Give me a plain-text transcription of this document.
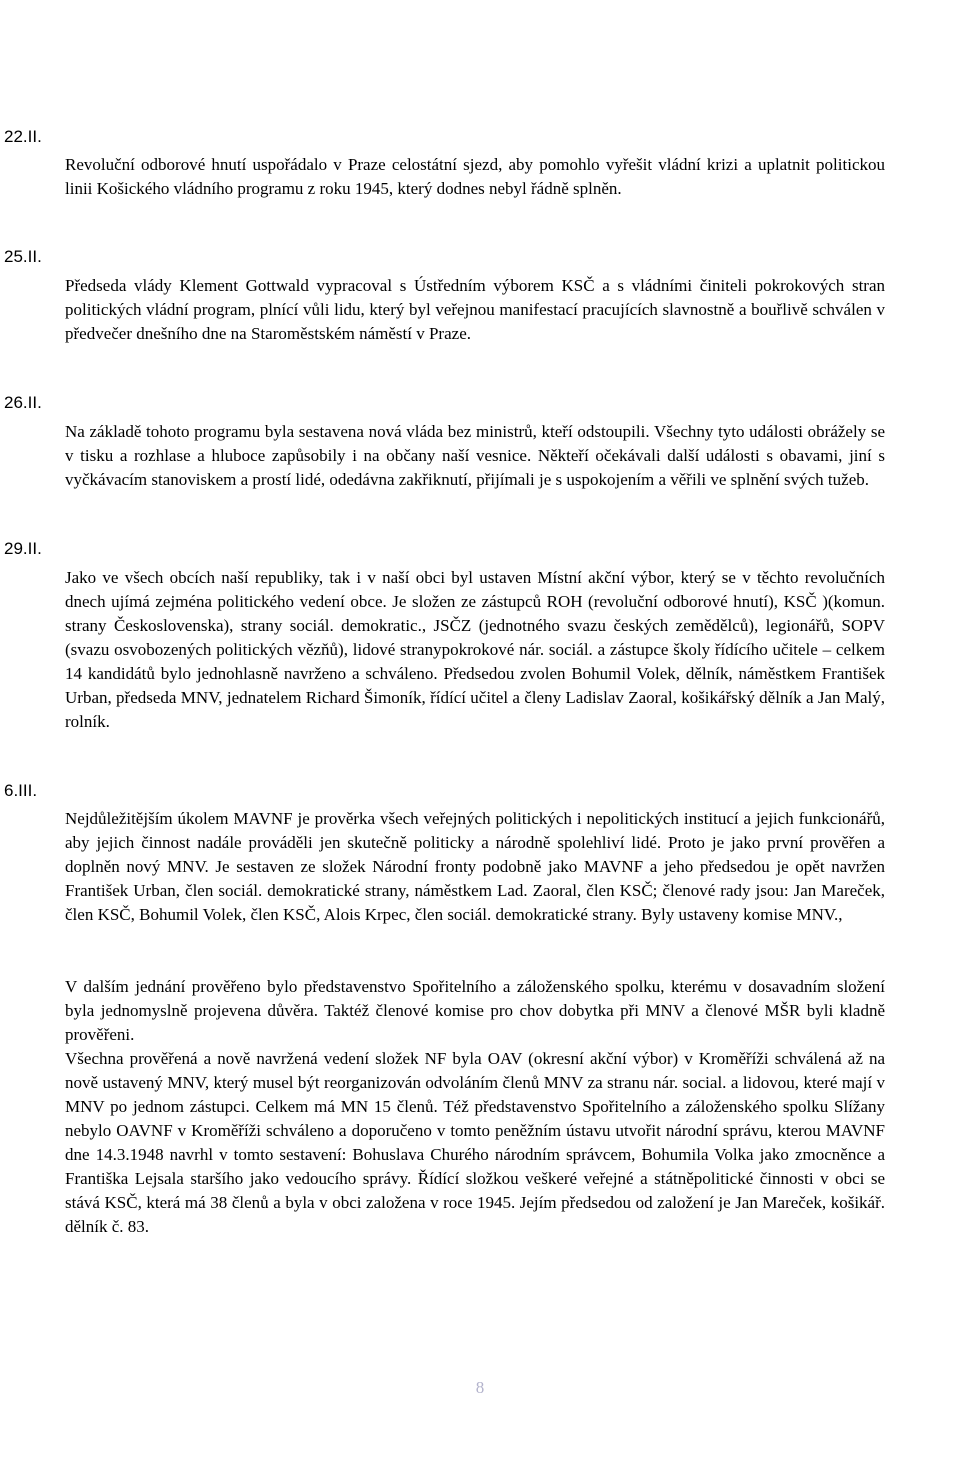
22.II.
25.II.
26.II.
29.II.
6.III.

Revoluční odborové hnutí uspořádalo v Praze celostátní sjezd, aby pomohlo vyřešit vládní krizi a uplatnit politickou linii Košického vládního programu z roku 1945, který dodnes nebyl řádně splněn.

Předseda vlády Klement Gottwald vypracoval s Ústředním výborem KSČ a s vládními činiteli pokrokových stran politických vládní program, plnící vůli lidu, který byl veřejnou manifestací pracujících slavnostně a bouřlivě schválen v předvečer dnešního dne na Staroměstském náměstí v Praze.

Na základě tohoto programu byla sestavena nová vláda bez ministrů, kteří odstoupili. Všechny tyto události obrážely se v tisku a rozhlase a hluboce zapůsobily i na občany naší vesnice. Někteří očekávali další události s obavami, jiní s vyčkávacím stanoviskem a prostí lidé, odedávna zakřiknutí, přijímali je s uspokojením a věřili ve splnění svých tužeb.

Jako ve všech obcích naší republiky, tak i v naší obci byl ustaven Místní akční výbor, který se v těchto revolučních dnech ujímá zejména politického vedení obce. Je složen ze zástupců ROH (revoluční odborové hnutí), KSČ )(komun. strany Československa), strany sociál. demokratic., JSČZ (jednotného svazu českých zemědělců), legionářů, SOPV (svazu osvobozených politických vězňů), lidové stranypokrokové nár. sociál. a zástupce školy řídícího učitele – celkem 14 kandidátů bylo jednohlasně navrženo a schváleno. Předsedou zvolen Bohumil Volek, dělník, náměstkem František Urban, předseda MNV, jednatelem Richard Šimoník, řídící učitel a členy Ladislav Zaoral, košikářský dělník a Jan Malý, rolník.

Nejdůležitějším úkolem MAVNF je prověrka všech veřejných politických i nepolitických institucí a jejich funkcionářů, aby jejich činnost nadále prováděli jen skutečně politicky a národně spolehliví lidé. Proto je jako první prověřen a doplněn nový MNV. Je sestaven ze složek Národní fronty podobně jako MAVNF a jeho předsedou je opět navržen František Urban, člen sociál. demokratické strany, náměstkem Lad. Zaoral, člen KSČ; členové rady jsou: Jan Mareček, člen KSČ, Bohumil Volek, člen KSČ, Alois Krpec, člen sociál. demokratické strany. Byly ustaveny komise MNV.,

V dalším jednání prověřeno bylo představenstvo Spořitelního a záloženského spolku, kterému v dosavadním složení byla jednomyslně projevena důvěra. Taktéž členové komise pro chov dobytka při MNV a členové MŠR byli kladně prověřeni.

Všechna prověřená a nově navržená vedení složek NF byla OAV (okresní akční výbor) v Kroměříži schválená až na nově ustavený MNV, který musel být reorganizován odvoláním členů MNV za stranu nár. social. a lidovou, které mají v MNV po jednom zástupci. Celkem má MN 15 členů. Též představenstvo Spořitelního a záloženského spolku Slížany nebylo OAVNF v Kroměříži schváleno a doporučeno v tomto peněžním ústavu utvořit národní správu, kterou MAVNF dne 14.3.1948 navrhl v tomto sestavení: Bohuslava Churého národním správcem, Bohumila Volka jako zmocněnce a Františka Lejsala staršího jako vedoucího správy. Řídící složkou veškeré veřejné a státněpolitické činnosti v obci se stává KSČ, která má 38 členů a byla v obci založena v roce 1945. Jejím předsedou od založení je Jan Mareček, košikář. dělník č. 83.

8
